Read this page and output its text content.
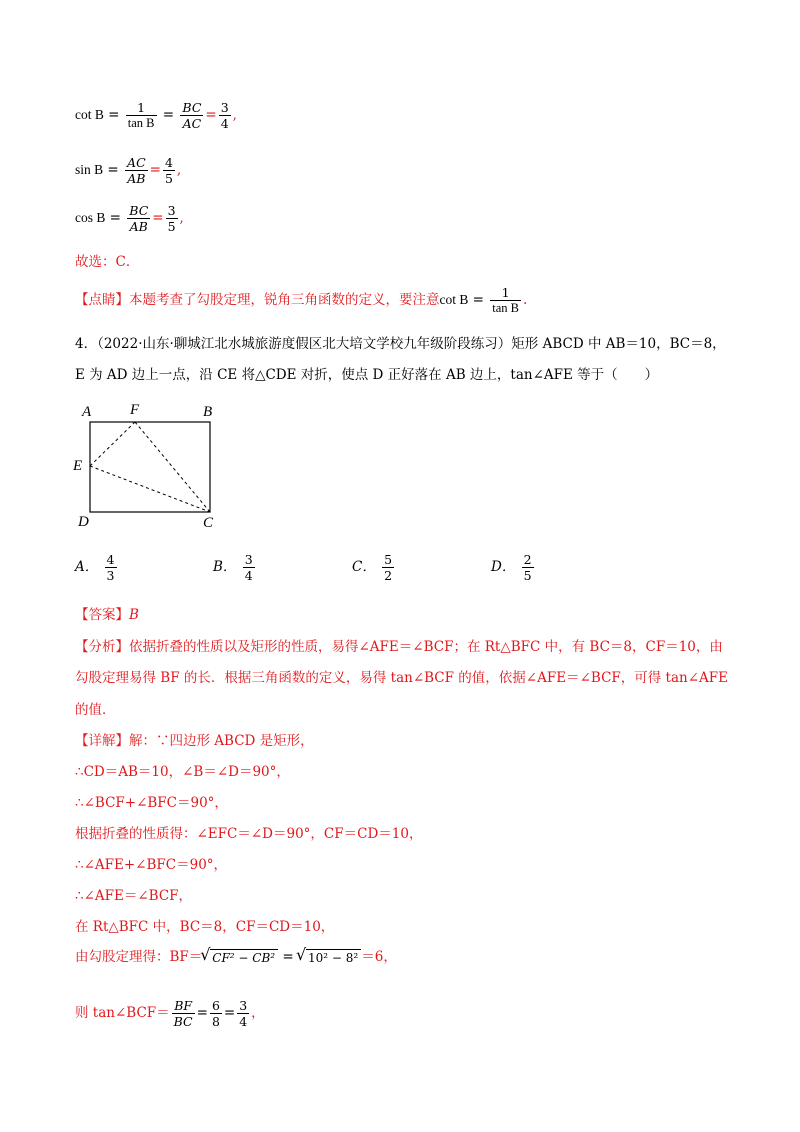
$\cot B = \frac{1}{\text{tan B}} = \frac{BC}{AC} = \frac{3}{4}$ ,
$\sin B = \frac{AC}{AB} = \frac{4}{5}$ ,
$\cos B = \frac{BC}{AB} = \frac{3}{5}$ ,
故选：C．
【点睛】本题考查了勾股定理，锐角三角函数的定义，要注意$\cot B = \frac{1}{\text{tan B}}$ .
4．（2022·山东·聊城江北水城旅游度假区北大培文学校九年级阶段练习）矩形 ABCD 中 AB＝10，BC＝8，
E 为 AD 边上一点，沿 CE 将△CDE 对折，使点 D 正好落在 AB 边上，tan∠AFE 等于（　　）
A	F	B
E
D	C
A． $\frac{4}{3}$	B． $\frac{3}{4}$	C． $\frac{5}{2}$	D． $\frac{2}{5}$
【答案】B
【分析】依据折叠的性质以及矩形的性质，易得∠AFE＝∠BCF；在 Rt△BFC 中，有 BC＝8，CF＝10，由
勾股定理易得 BF 的长．根据三角函数的定义，易得 tan∠BCF 的值，依据∠AFE＝∠BCF，可得 tan∠AFE
的值．
【详解】解：∵四边形 ABCD 是矩形，
∴CD＝AB＝10，∠B＝∠D＝90°，
∴∠BCF+∠BFC＝90°，
根据折叠的性质得：∠EFC＝∠D＝90°，CF＝CD＝10，
∴∠AFE+∠BFC＝90°，
∴∠AFE＝∠BCF，
在 Rt△BFC 中，BC＝8，CF＝CD＝10，
由勾股定理得：BF＝ √ CF² − CB² = √ 10² − 8² ＝6，
则 tan∠BCF＝ $\frac{BF}{BC} = \frac{6}{8} = \frac{3}{4}$ ，
